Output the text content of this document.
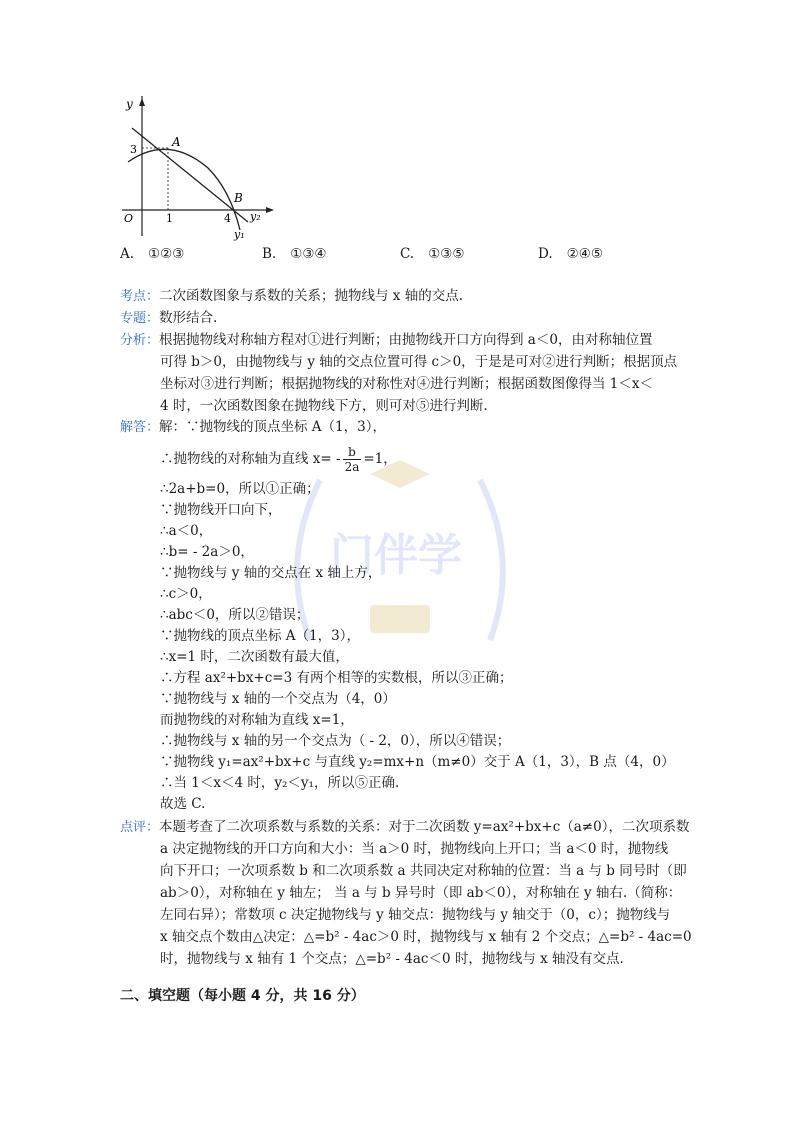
y
3
A
O	1	4
B
y₂
y₁
A. ①②③	B. ①③④	C. ①③⑤	D. ②④⑤
门伴学
考点：二次函数图象与系数的关系；抛物线与 x 轴的交点.
专题：数形结合.
分析：根据抛物线对称轴方程对①进行判断；由抛物线开口方向得到 a＜0，由对称轴位置
可得 b＞0，由抛物线与 y 轴的交点位置可得 c＞0，于是是可对②进行判断；根据顶点
坐标对③进行判断；根据抛物线的对称性对④进行判断；根据函数图像得当 1＜x＜
4 时，一次函数图象在抛物线下方，则可对⑤进行判断.
解答：解：∵抛物线的顶点坐标 A（1，3），
∴抛物线的对称轴为直线 $x= - \frac{b}{2a} =1$，
∴2a+b=0，所以①正确；
∵抛物线开口向下，
∴a＜0，
∴b= - 2a＞0，
∵抛物线与 y 轴的交点在 x 轴上方，
∴c＞0，
∴abc＜0，所以②错误；
∵抛物线的顶点坐标 A（1，3），
∴x=1 时，二次函数有最大值，
∴方程 ax²+bx+c=3 有两个相等的实数根，所以③正确；
∵抛物线与 x 轴的一个交点为（4，0）
而抛物线的对称轴为直线 x=1，
∴抛物线与 x 轴的另一个交点为（ - 2，0），所以④错误；
∵抛物线 y₁=ax²+bx+c 与直线 y₂=mx+n（m≠0）交于 A（1，3），B 点（4，0）
∴当 1＜x＜4 时，y₂＜y₁，所以⑤正确.
故选 C.
点评：本题考查了二次项系数与系数的关系：对于二次函数 y=ax²+bx+c（a≠0），二次项系数
a 决定抛物线的开口方向和大小：当 a＞0 时，抛物线向上开口；当 a＜0 时，抛物线
向下开口；一次项系数 b 和二次项系数 a 共同决定对称轴的位置：当 a 与 b 同号时（即
ab＞0），对称轴在 y 轴左； 当 a 与 b 异号时（即 ab＜0），对称轴在 y 轴右.（简称：
左同右异）；常数项 c 决定抛物线与 y 轴交点：抛物线与 y 轴交于（0，c）；抛物线与
x 轴交点个数由△决定：△=b² - 4ac＞0 时，抛物线与 x 轴有 2 个交点；△=b² - 4ac=0
时，抛物线与 x 轴有 1 个交点；△=b² - 4ac＜0 时，抛物线与 x 轴没有交点.
二、填空题（每小题 4 分，共 16 分）
